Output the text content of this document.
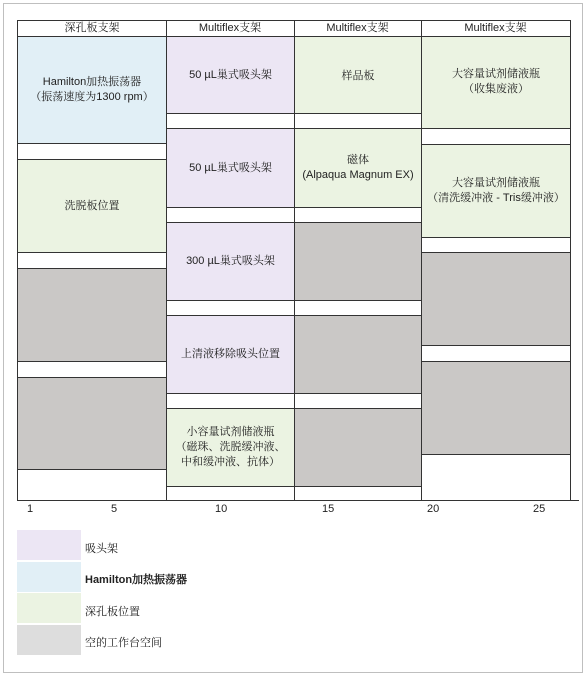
深孔板支架	Multiflex支架	Multiflex支架	Multiflex支架
Hamilton加热振荡器
（振荡速度为1300 rpm）
洗脱板位置
50 µL巢式吸头架
50 µL巢式吸头架
300 µL巢式吸头架
上清液移除吸头位置
小容量试剂储液瓶
（磁珠、洗脱缓冲液、
中和缓冲液、抗体）
样品板
磁体
(Alpaqua Magnum EX)
大容量试剂储液瓶
（收集废液）
大容量试剂储液瓶
（清洗缓冲液 - Tris缓冲液）
1	5	10	15	20	25
吸头架
Hamilton加热振荡器
深孔板位置
空的工作台空间
